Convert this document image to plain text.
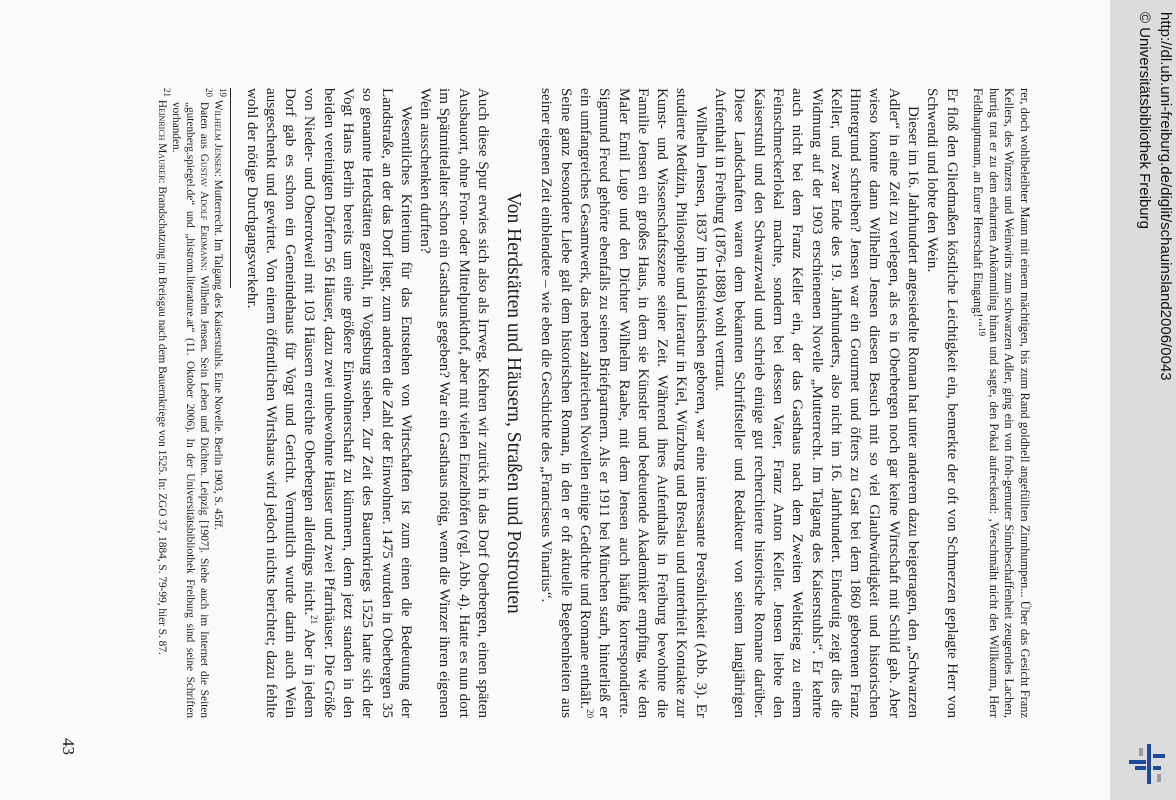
rer, doch wohlbeleibter Mann mit einem mächtigen, bis zum Rand goldhell angefüllten Zinnhumpen... Über das Gesicht Franz Kellers, des Winzers und Weinwirts zum schwarzen Adler, ging ein von froh-gemuter Sinnbeschaffenheit zeugendes Lachen, hurtig trat er zu dem erharrten Ankömmling hinan und sagte, den Pokal aufreckend: ‚Verschmäht nicht den Willkomm, Herr Feldhauptmann, an Eurer Herrschaft Eingang!‘“$^{19}$

Er floß den Gliedmaßen köstliche Leichtigkeit ein, bemerkte der oft von Schmerzen geplagte Herr von Schwendi und lobte den Wein.

Dieser im 16. Jahrhundert angesiedelte Roman hat unter anderem dazu beigetragen, den „Schwarzen Adler“ in eine Zeit zu verlegen, als es in Oberbergen noch gar keine Wirtschaft mit Schild gab. Aber wieso konnte dann Wilhelm Jensen diesen Besuch mit so viel Glaubwürdigkeit und historischen Hintergrund schreiben? Jensen war ein Gourmet und öfters zu Gast bei dem 1860 geborenen Franz Keller, und zwar Ende des 19. Jahrhunderts, also nicht im 16. Jahrhundert. Eindeutig zeigt dies die Widmung auf der 1903 erschienenen Novelle „Mutterrecht. Im Talgang des Kaiserstuhls“. Er kehrte auch nicht bei dem Franz Keller ein, der das Gasthaus nach dem Zweiten Weltkrieg zu einem Feinschmeckerlokal machte, sondern bei dessen Vater, Franz Anton Keller. Jensen liebte den Kaiserstuhl und den Schwarzwald und schrieb einige gut recherchierte historische Romane darüber. Diese Landschaften waren dem bekannten Schriftsteller und Redakteur von seinem langjährigen Aufenthalt in Freiburg (1876-1888) wohl vertraut.

Wilhelm Jensen, 1837 im Holsteinischen geboren, war eine interessante Persönlichkeit (Abb. 3). Er studierte Medizin, Philosophie und Literatur in Kiel, Würzburg und Breslau und unterhielt Kontakte zur Kunst- und Wissenschaftsszene seiner Zeit. Während ihres Aufenthalts in Freiburg bewohnte die Familie Jensen ein großes Haus, in dem sie Künstler und bedeutende Akademiker empfing, wie den Maler Emil Lugo und den Dichter Wilhelm Raabe, mit dem Jensen auch häufig korrespondierte. Sigmund Freud gehörte ebenfalls zu seinen Briefpartnern. Als er 1911 bei München starb, hinterließ er ein umfangreiches Gesamtwerk, das neben zahlreichen Novellen einige Gedichte und Romane enthält.$^{20}$ Seine ganz besondere Liebe galt dem historischen Roman, in den er oft aktuelle Begebenheiten aus seiner eigenen Zeit einblendete – wie eben die Geschichte des „Franciseus Vinarius“.

Von Herdstätten und Häusern, Straßen und Postrouten

Auch diese Spur erwies sich also als Irrweg. Kehren wir zurück in das Dorf Oberbergen, einen späten Ausbauort, ohne Fron- oder Mittelpunkthof, aber mit vielen Einzelhöfen (vgl. Abb. 4). Hatte es nun dort im Spätmittelalter schon ein Gasthaus gegeben? War ein Gasthaus nötig, wenn die Winzer ihren eigenen Wein ausschenken durften?

Wesentliches Kriterium für das Entstehen von Wirtschaften ist zum einen die Bedeutung der Landstraße, an der das Dorf liegt, zum anderen die Zahl der Einwohner. 1475 wurden in Oberbergen 35 so genannte Herdstätten gezählt, in Vogtsburg sieben. Zur Zeit des Bauernkriegs 1525 hatte sich der Vogt Hans Berlin bereits um eine größere Einwohnerschaft zu kümmern, denn jetzt standen in den beiden vereinigten Dörfern 56 Häuser, dazu zwei unbewohnte Häuser und zwei Pfarrhäuser. Die Größe von Nieder- und Oberrotweil mit 103 Häusern erreichte Oberbergen allerdings nicht.$^{21}$ Aber in jedem Dorf gab es schon ein Gemeindehaus für Vogt und Gericht. Vermutlich wurde darin auch Wein ausgeschenkt und gewirtet. Von einem öffentlichen Wirtshaus wird jedoch nichts berichtet; dazu fehlte wohl der nötige Durchgangsverkehr.

$^{19}$ Wilhelm Jensen: Mutterrecht. Im Talgang des Kaiserstuhls. Eine Novelle. Berlin 1903, S. 45ff.

$^{20}$ Daten aus Gustav Adolf Erdmann: Wilhelm Jensen. Sein Leben und Dichten. Leipzig [1907]. Siehe auch im Internet die Seiten „gutenberg.spiegel.de“ und „histrom.literature.at“ (11. Oktober 2006). In der Universitätsbibliothek Freiburg sind seine Schriften vorhanden.

$^{21}$ Heinrich Maurer: Brandschatzung im Breisgau nach dem Bauernkriege von 1525. In: ZGO 37, 1884, S. 79-99, hier S. 87.

43
http://dl.ub.uni-freiburg.de/diglit/schauinsland2006/0043
© Universitätsbibliothek Freiburg
